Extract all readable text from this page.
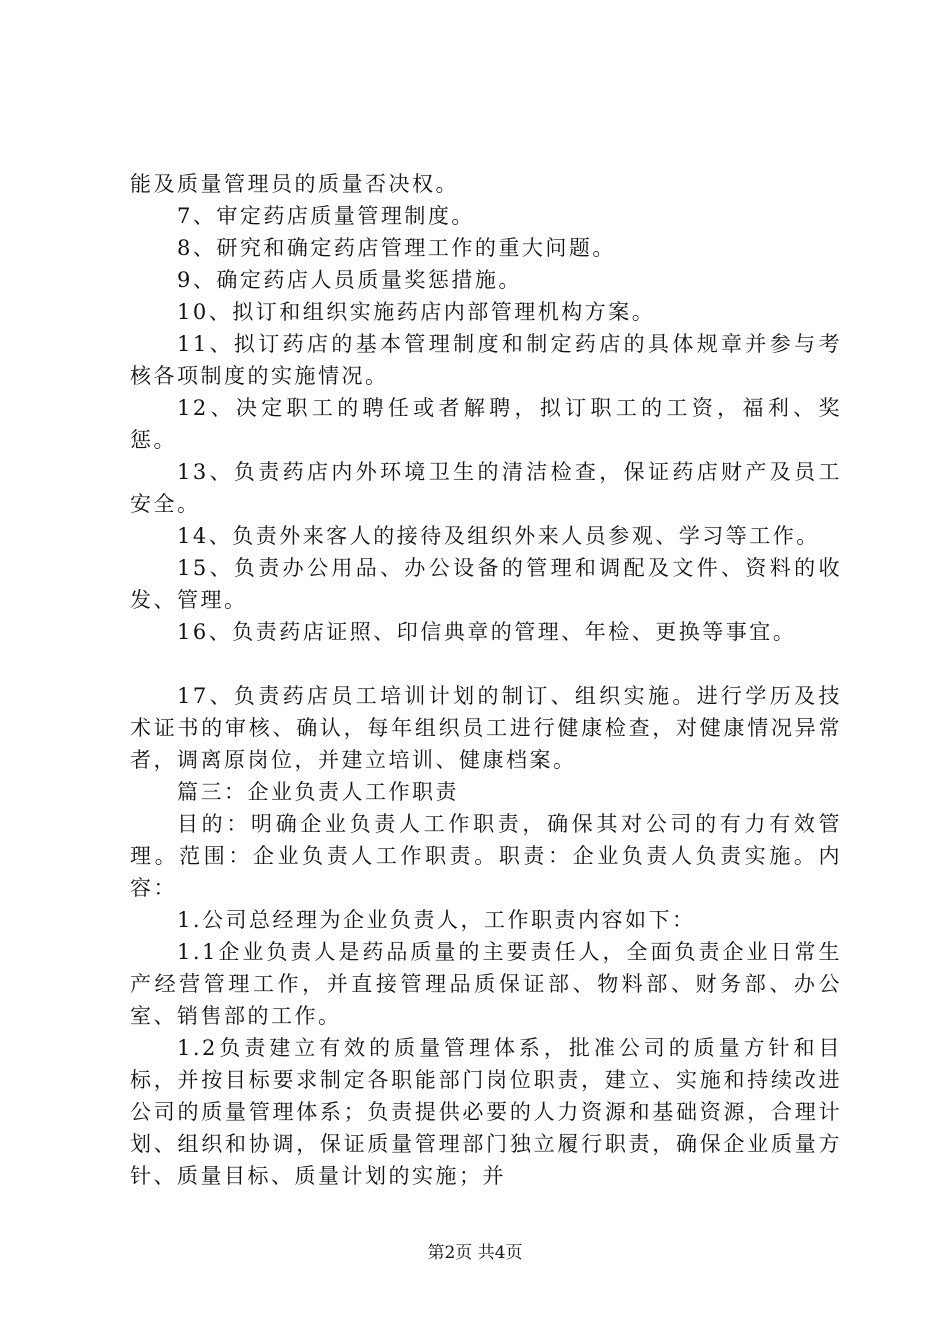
能及质量管理员的质量否决权。

7、审定药店质量管理制度。

8、研究和确定药店管理工作的重大问题。

9、确定药店人员质量奖惩措施。

10、拟订和组织实施药店内部管理机构方案。

11、拟订药店的基本管理制度和制定药店的具体规章并参与考核各项制度的实施情况。

12、决定职工的聘任或者解聘，拟订职工的工资，福利、奖惩。

13、负责药店内外环境卫生的清洁检查，保证药店财产及员工安全。

14、负责外来客人的接待及组织外来人员参观、学习等工作。

15、负责办公用品、办公设备的管理和调配及文件、资料的收发、管理。

16、负责药店证照、印信典章的管理、年检、更换等事宜。

17、负责药店员工培训计划的制订、组织实施。进行学历及技术证书的审核、确认，每年组织员工进行健康检查，对健康情况异常者，调离原岗位，并建立培训、健康档案。

篇三：企业负责人工作职责

目的：明确企业负责人工作职责，确保其对公司的有力有效管理。范围：企业负责人工作职责。职责：企业负责人负责实施。内容：

1.公司总经理为企业负责人，工作职责内容如下：

1.1企业负责人是药品质量的主要责任人，全面负责企业日常生产经营管理工作，并直接管理品质保证部、物料部、财务部、办公室、销售部的工作。

1.2负责建立有效的质量管理体系，批准公司的质量方针和目标，并按目标要求制定各职能部门岗位职责，建立、实施和持续改进公司的质量管理体系；负责提供必要的人力资源和基础资源，合理计划、组织和协调，保证质量管理部门独立履行职责，确保企业质量方针、质量目标、质量计划的实施；并

第2页 共4页
